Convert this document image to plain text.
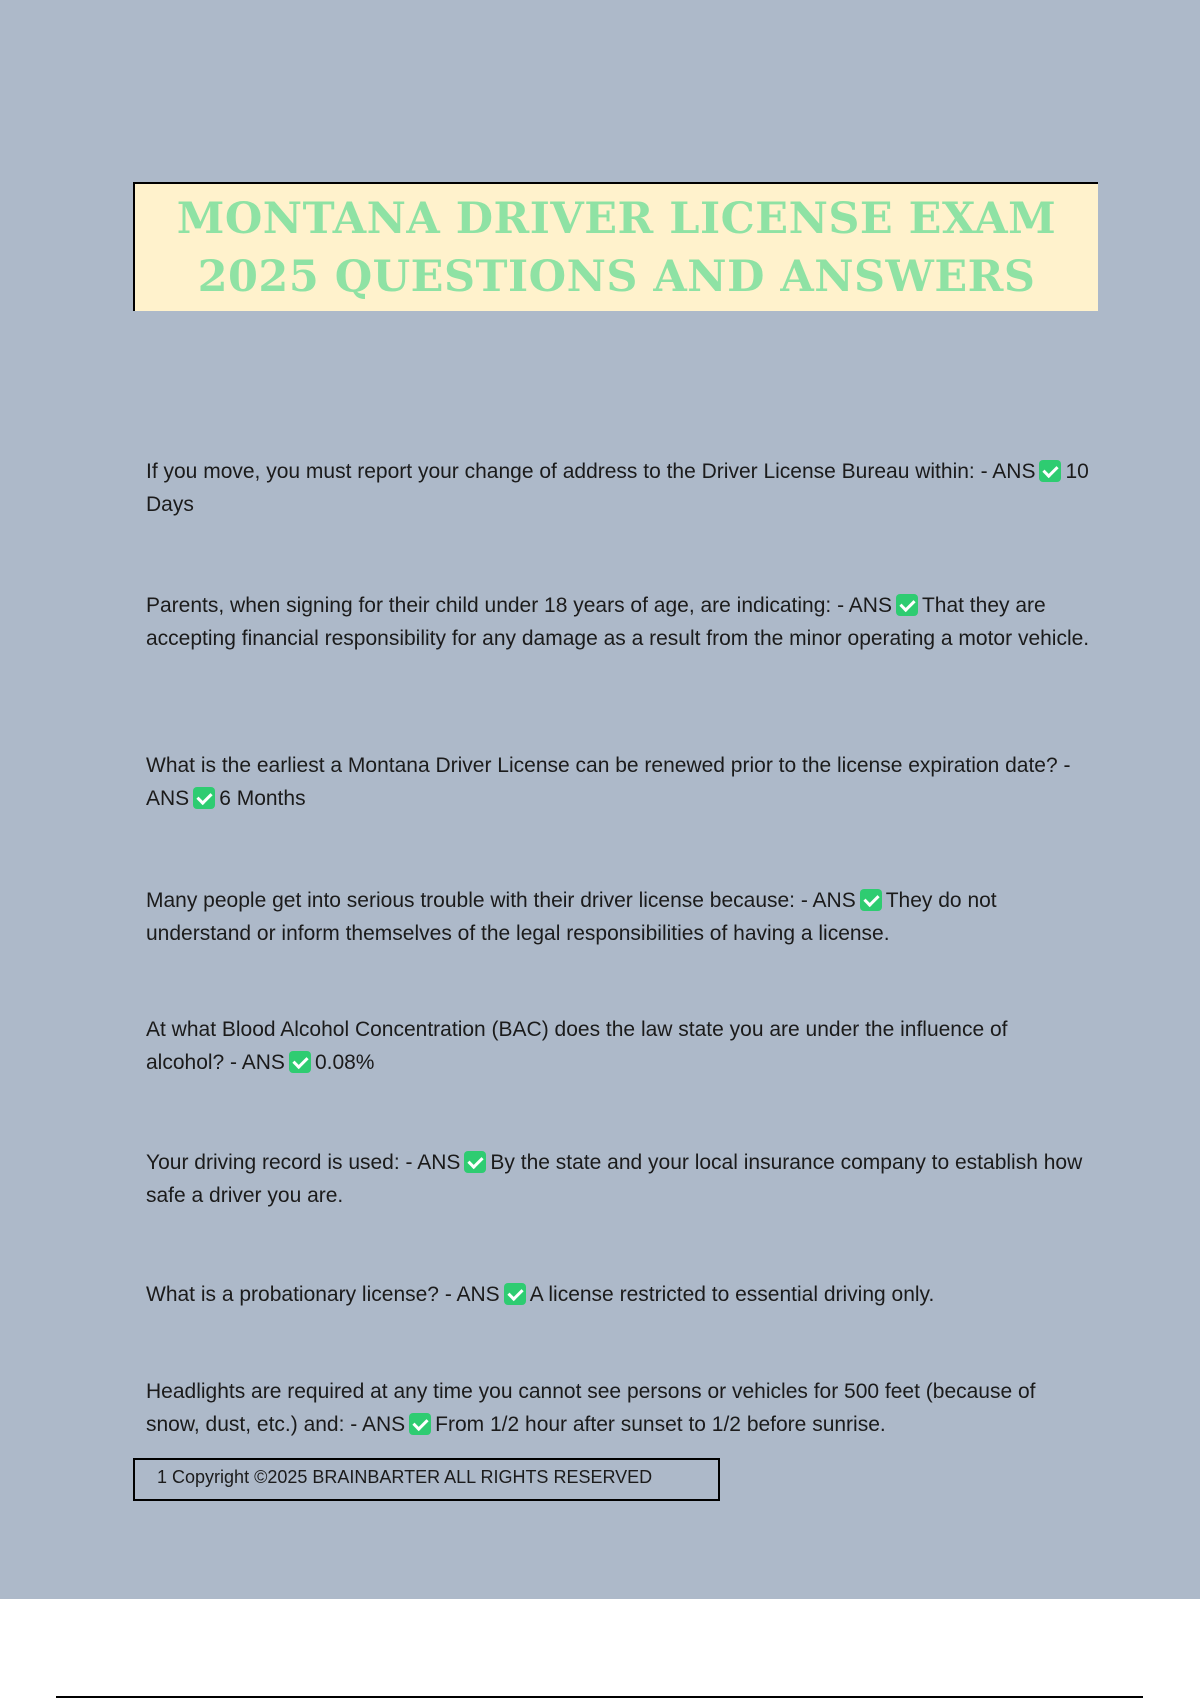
MONTANA DRIVER LICENSE EXAM
2025 QUESTIONS AND ANSWERS
If you move, you must report your change of address to the Driver License Bureau within: - ANS 10 Days
Parents, when signing for their child under 18 years of age, are indicating: - ANS That they are accepting financial responsibility for any damage as a result from the minor operating a motor vehicle.
What is the earliest a Montana Driver License can be renewed prior to the license expiration date? - ANS 6 Months
Many people get into serious trouble with their driver license because: - ANS They do not understand or inform themselves of the legal responsibilities of having a license.
At what Blood Alcohol Concentration (BAC) does the law state you are under the influence of alcohol? - ANS 0.08%
Your driving record is used: - ANS By the state and your local insurance company to establish how safe a driver you are.
What is a probationary license? - ANS A license restricted to essential driving only.
Headlights are required at any time you cannot see persons or vehicles for 500 feet (because of snow, dust, etc.) and: - ANS From 1/2 hour after sunset to 1/2 before sunrise.
1 Copyright ©2025 BRAINBARTER ALL RIGHTS RESERVED
